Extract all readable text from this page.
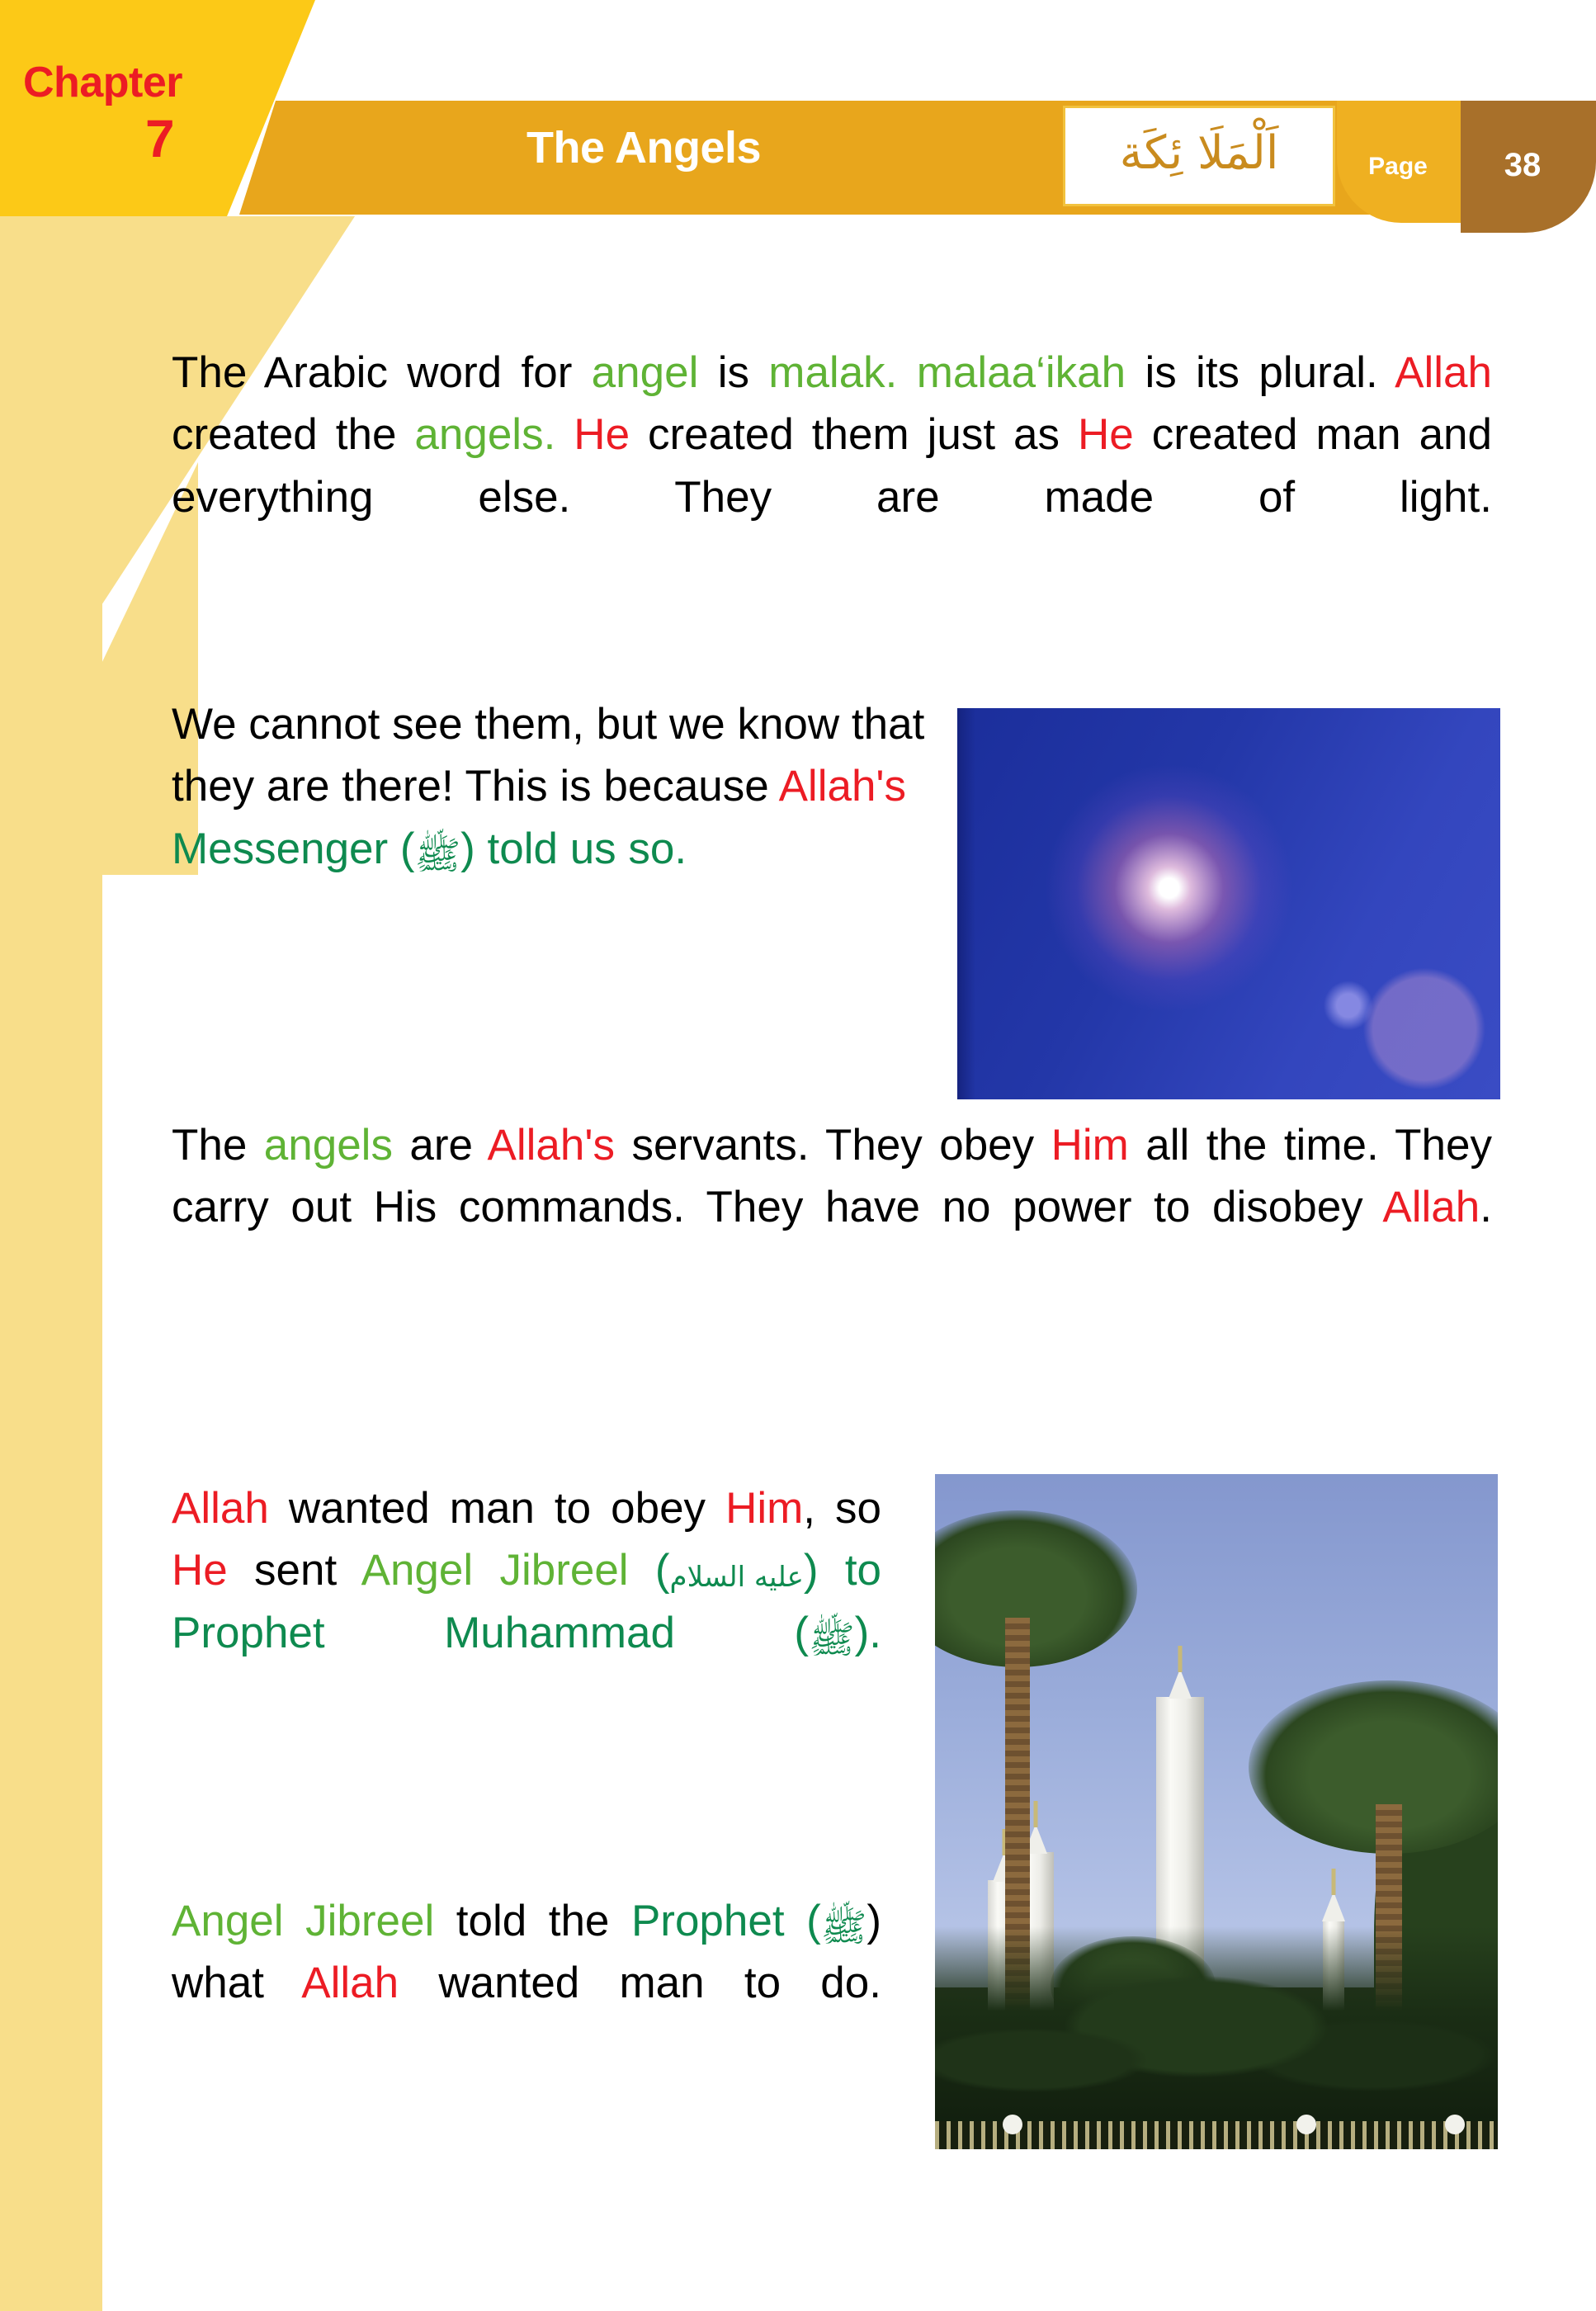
Chapter
7	The Angels	اَلْمَلَا ئِكَة	Page	38
The Arabic word for angel is malak. malaa‘ikah is its plural. Allah created the angels. He created them just as He created man and everything else. They are made of light.
We cannot see them, but we know that they are there! This is because Allah's Messenger (ﷺ) told us so.
The angels are Allah's servants. They obey Him all the time. They carry out His commands. They have no power to disobey Allah.
Allah wanted man to obey Him, so He sent Angel Jibreel (عليه السلام) to Prophet Muhammad (ﷺ).
Angel Jibreel told the Prophet (ﷺ) what Allah wanted man to do.
